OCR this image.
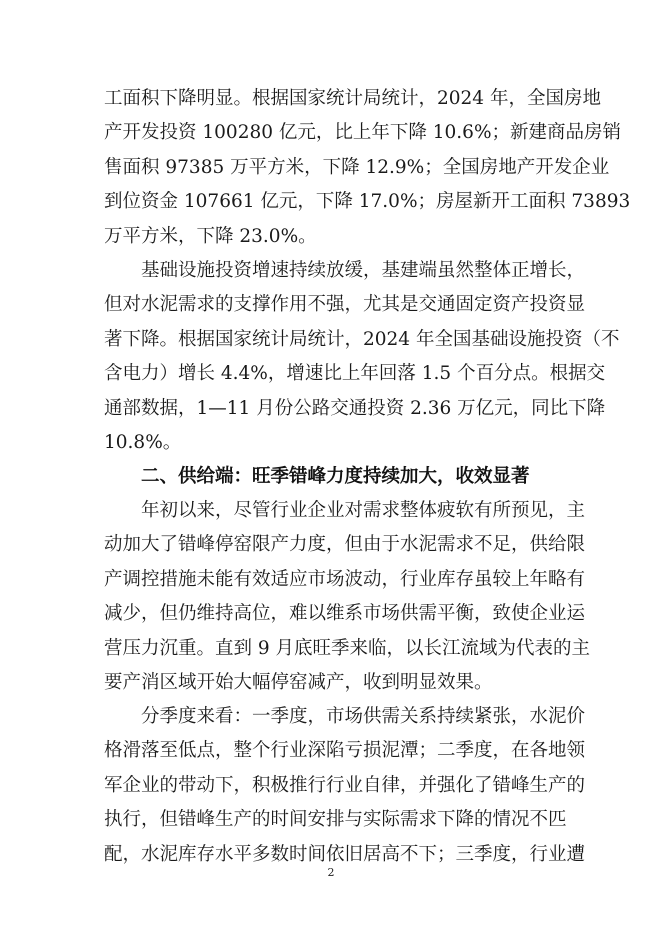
工面积下降明显。根据国家统计局统计，2024 年，全国房地
产开发投资 100280 亿元，比上年下降 10.6%；新建商品房销
售面积 97385 万平方米，下降 12.9%；全国房地产开发企业
到位资金 107661 亿元，下降 17.0%；房屋新开工面积 73893
万平方米，下降 23.0%。
基础设施投资增速持续放缓，基建端虽然整体正增长，
但对水泥需求的支撑作用不强，尤其是交通固定资产投资显
著下降。根据国家统计局统计，2024 年全国基础设施投资（不
含电力）增长 4.4%，增速比上年回落 1.5 个百分点。根据交
通部数据，1—11 月份公路交通投资 2.36 万亿元，同比下降
10.8%。
二、供给端：旺季错峰力度持续加大，收效显著
年初以来，尽管行业企业对需求整体疲软有所预见，主
动加大了错峰停窑限产力度，但由于水泥需求不足，供给限
产调控措施未能有效适应市场波动，行业库存虽较上年略有
减少，但仍维持高位，难以维系市场供需平衡，致使企业运
营压力沉重。直到 9 月底旺季来临，以长江流域为代表的主
要产消区域开始大幅停窑减产，收到明显效果。
分季度来看：一季度，市场供需关系持续紧张，水泥价
格滑落至低点，整个行业深陷亏损泥潭；二季度，在各地领
军企业的带动下，积极推行行业自律，并强化了错峰生产的
执行，但错峰生产的时间安排与实际需求下降的情况不匹
配，水泥库存水平多数时间依旧居高不下；三季度，行业遭
2
